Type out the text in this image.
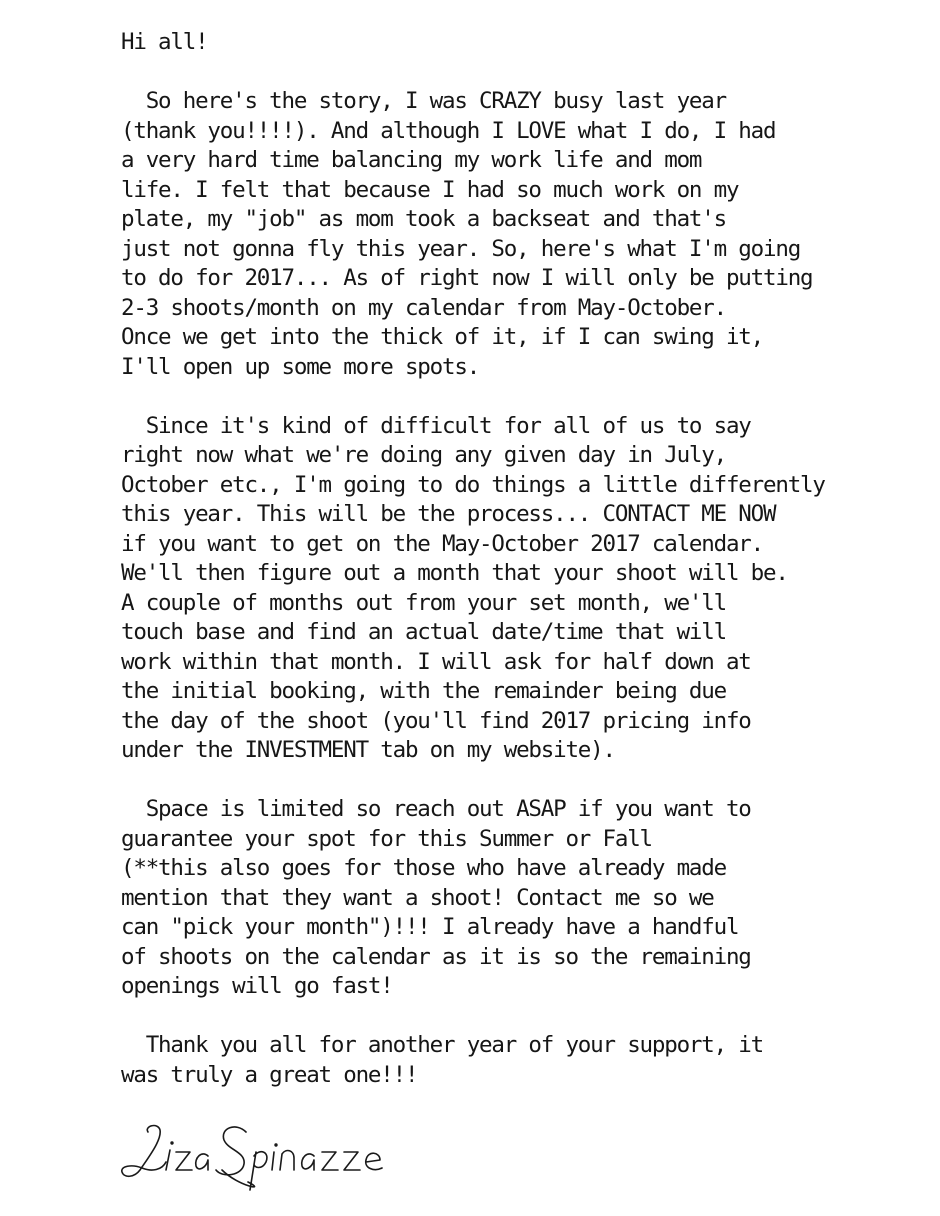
Hi all!
So here's the story, I was CRAZY busy last year
(thank you!!!!). And although I LOVE what I do, I had
a very hard time balancing my work life and mom
life. I felt that because I had so much work on my
plate, my "job" as mom took a backseat and that's
just not gonna fly this year. So, here's what I'm going
to do for 2017... As of right now I will only be putting
2-3 shoots/month on my calendar from May-October.
Once we get into the thick of it, if I can swing it,
I'll open up some more spots.
Since it's kind of difficult for all of us to say
right now what we're doing any given day in July,
October etc., I'm going to do things a little differently
this year. This will be the process... CONTACT ME NOW
if you want to get on the May-October 2017 calendar.
We'll then figure out a month that your shoot will be.
A couple of months out from your set month, we'll
touch base and find an actual date/time that will
work within that month. I will ask for half down at
the initial booking, with the remainder being due
the day of the shoot (you'll find 2017 pricing info
under the INVESTMENT tab on my website).
Space is limited so reach out ASAP if you want to
guarantee your spot for this Summer or Fall
(**this also goes for those who have already made
mention that they want a shoot! Contact me so we
can "pick your month")!!! I already have a handful
of shoots on the calendar as it is so the remaining
openings will go fast!
Thank you all for another year of your support, it
was truly a great one!!!
